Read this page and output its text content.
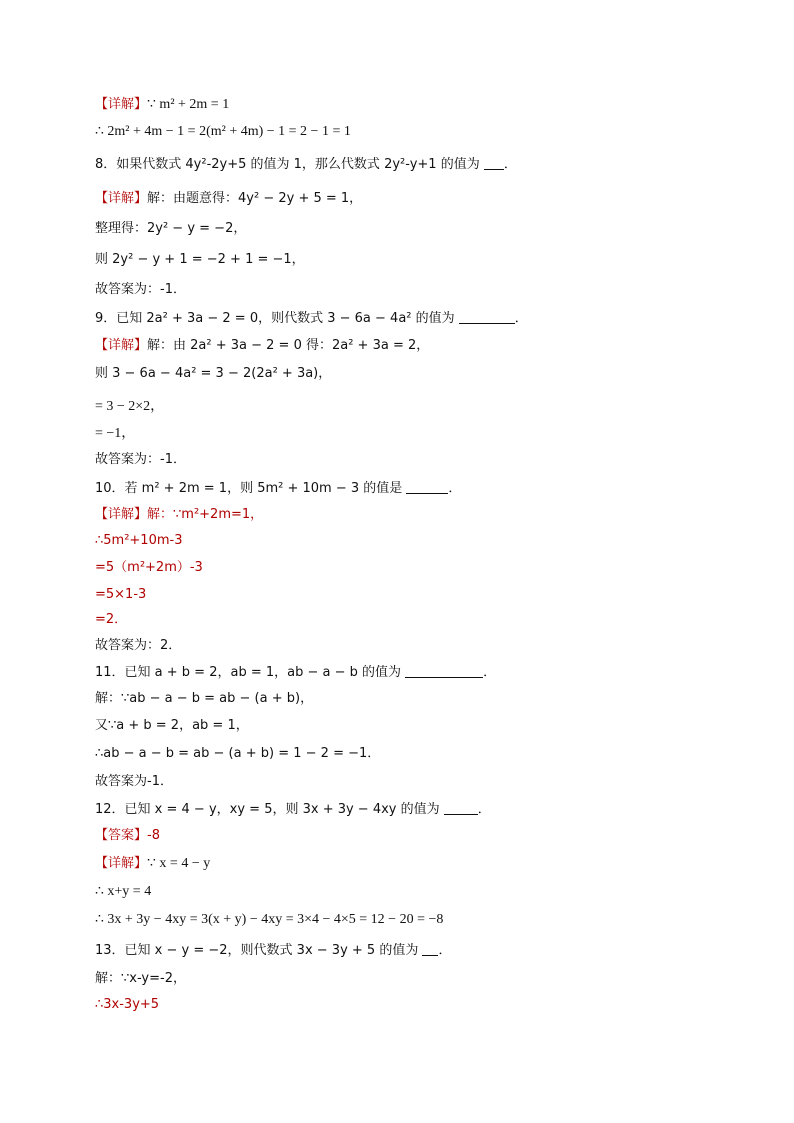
【详解】∵ m² + 2m = 1
∴ 2m² + 4m − 1 = 2(m² + 4m) − 1 = 2 − 1 = 1
8．如果代数式 4y²-2y+5 的值为 1，那么代数式 2y²-y+1 的值为 ．
【详解】解：由题意得：4y² − 2y + 5 = 1，
整理得：2y² − y = −2，
则 2y² − y + 1 = −2 + 1 = −1，
故答案为：-1．
9．已知 2a² + 3a − 2 = 0，则代数式 3 − 6a − 4a² 的值为	．
【详解】解：由 2a² + 3a − 2 = 0 得：2a² + 3a = 2，
则 3 − 6a − 4a² = 3 − 2(2a² + 3a)，
= 3 − 2×2，
= −1，
故答案为：-1．
10．若 m² + 2m = 1，则 5m² + 10m − 3 的值是	．
【详解】解：∵m²+2m=1，
∴5m²+10m-3
=5（m²+2m）-3
=5×1-3
=2．
故答案为：2．
11．已知 a + b = 2，ab = 1，ab − a − b 的值为	．
解：∵ab − a − b = ab − (a + b)，
又∵a + b = 2，ab = 1，
∴ab − a − b = ab − (a + b) = 1 − 2 = −1．
故答案为-1．
12．已知 x = 4 − y，xy = 5，则 3x + 3y − 4xy 的值为	．
【答案】-8
【详解】∵ x = 4 − y
∴ x+y = 4
∴ 3x + 3y − 4xy = 3(x + y) − 4xy = 3×4 − 4×5 = 12 − 20 = −8
13．已知 x − y = −2，则代数式 3x − 3y + 5 的值为 ．
解：∵x-y=-2，
∴3x-3y+5
